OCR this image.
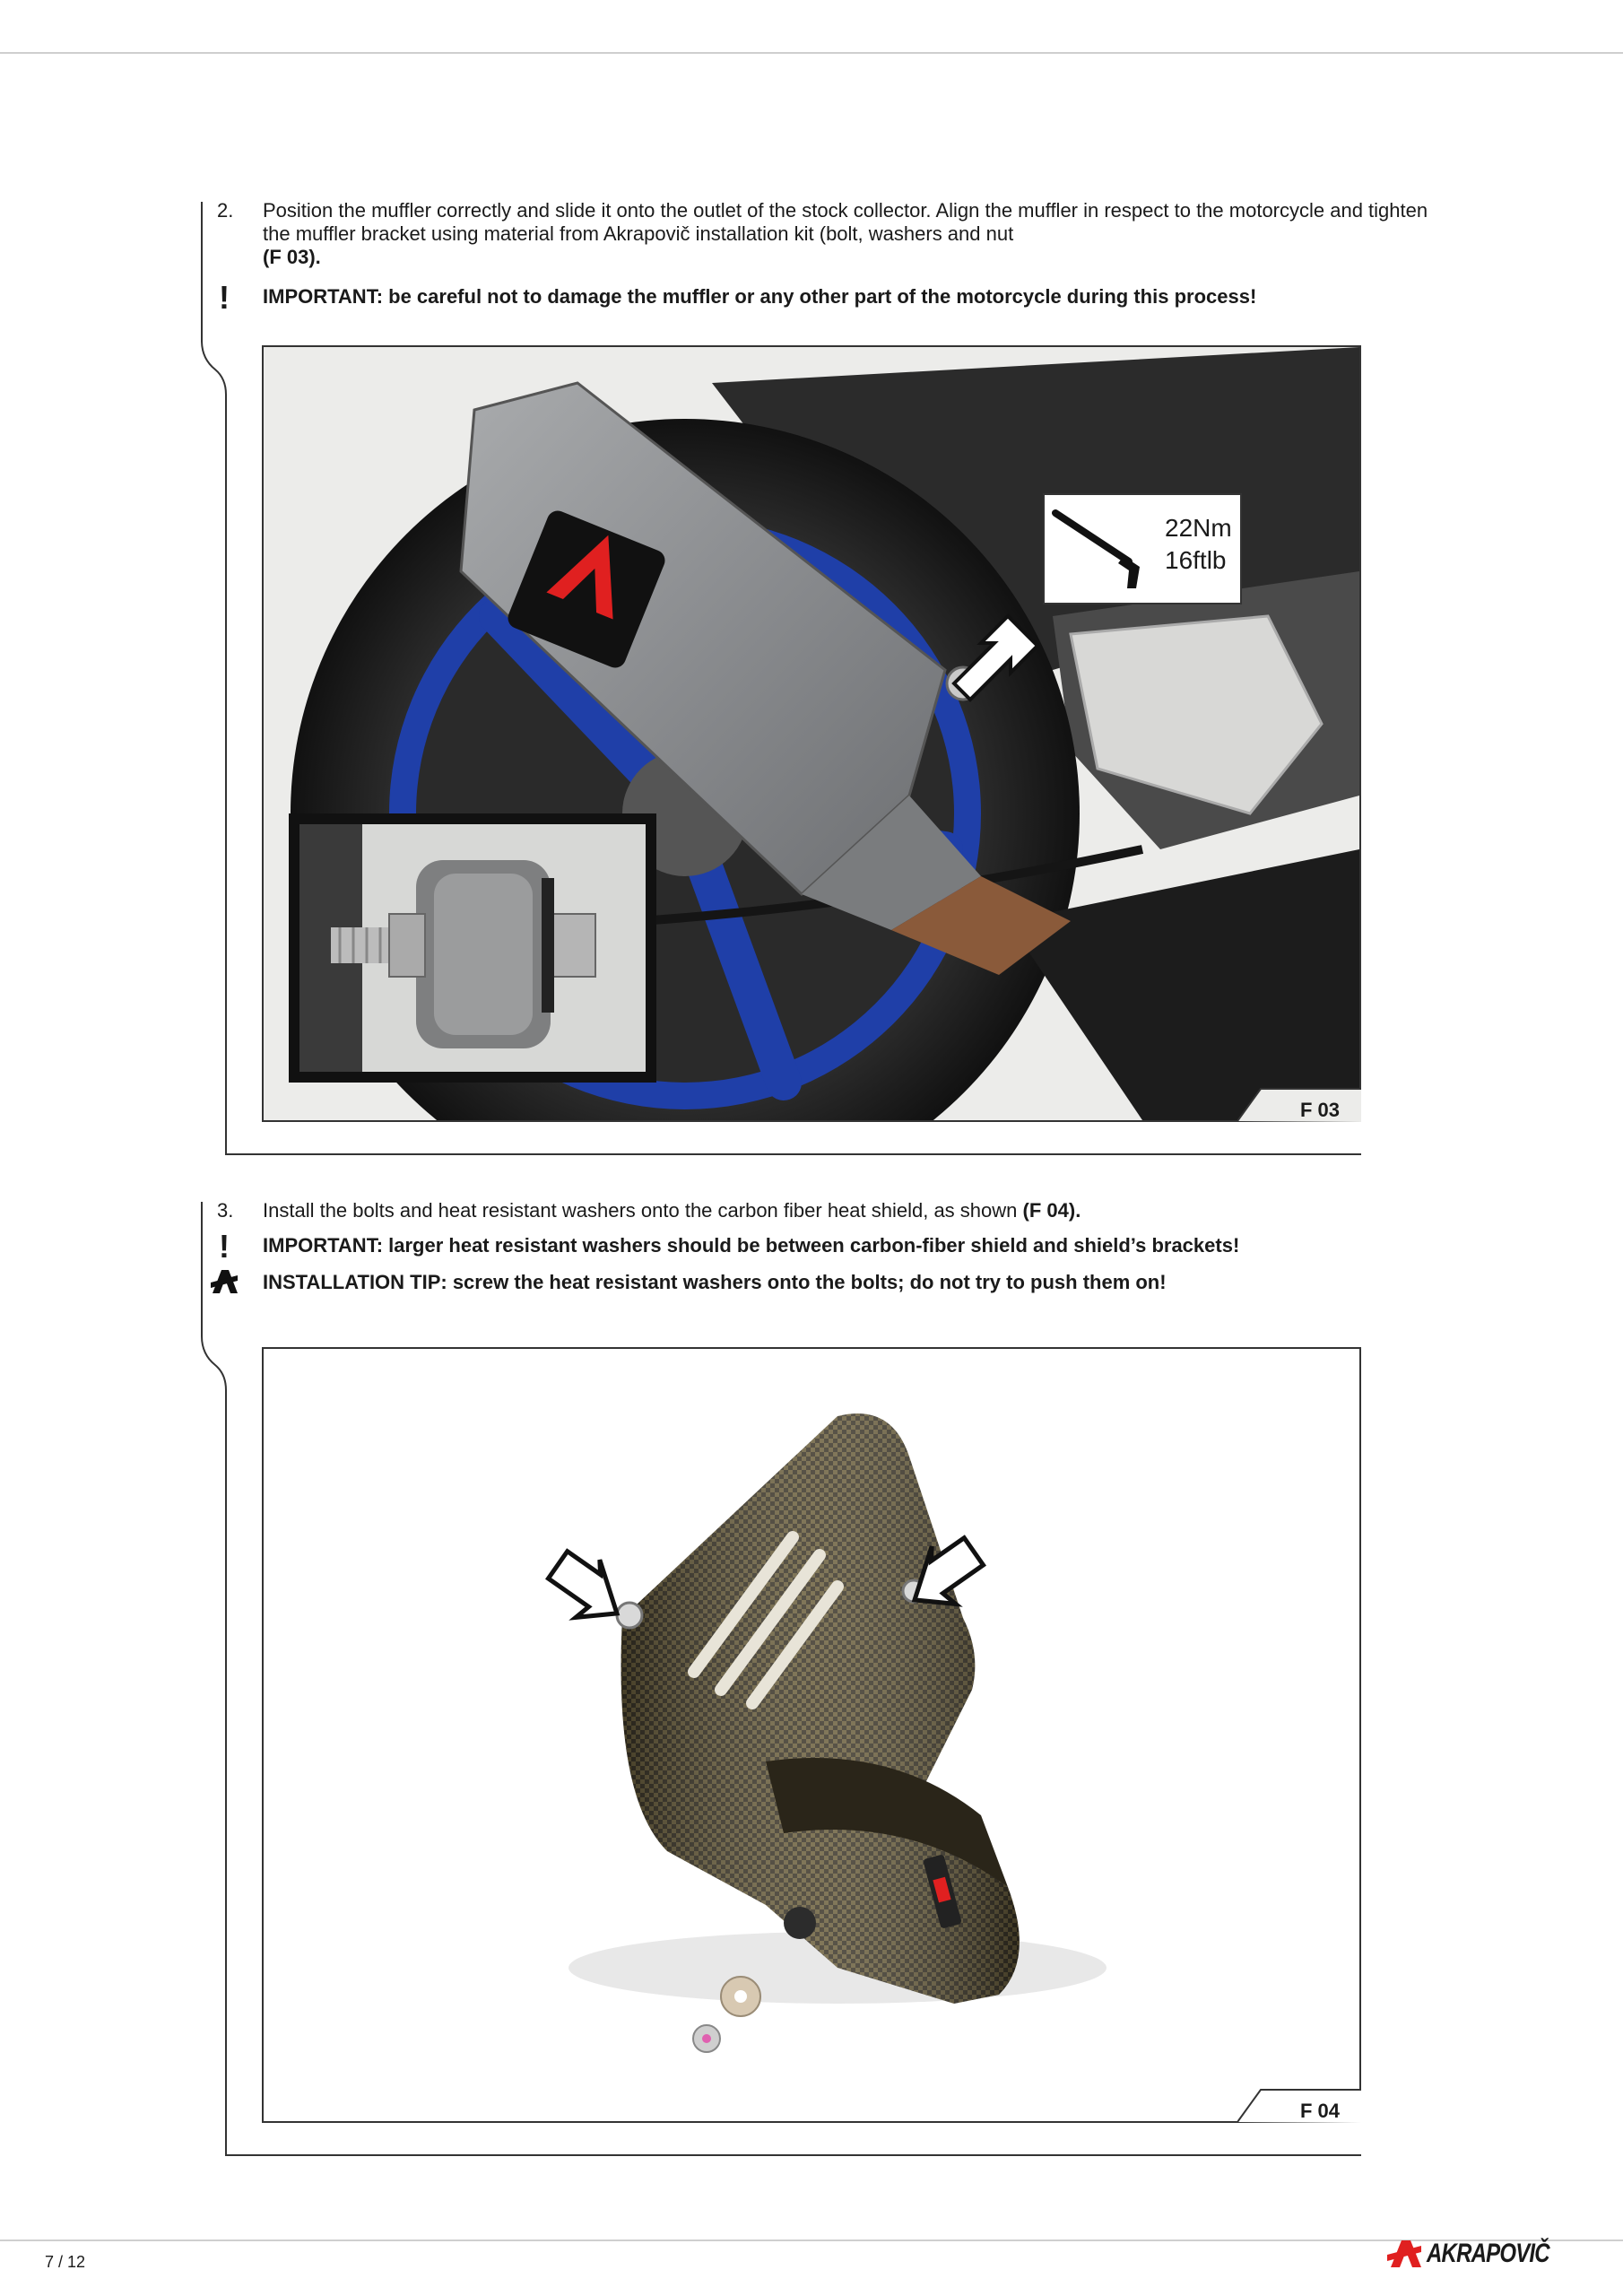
2. Position the muffler correctly and slide it onto the outlet of the stock collector. Align the muffler in respect to the motorcycle and tighten the muffler bracket using material from Akrapovič installation kit (bolt, washers and nut
(F 03).
! IMPORTANT: be careful not to damage the muffler or any other part of the motorcycle during this process!
22Nm
16ftlb
F 03
3. Install the bolts and heat resistant washers onto the carbon fiber heat shield, as shown (F 04).
! IMPORTANT: larger heat resistant washers should be between carbon-fiber shield and shield’s brackets!
INSTALLATION TIP: screw the heat resistant washers onto the bolts; do not try to push them on!
F 04
7 / 12	AKRAPOVIČ
